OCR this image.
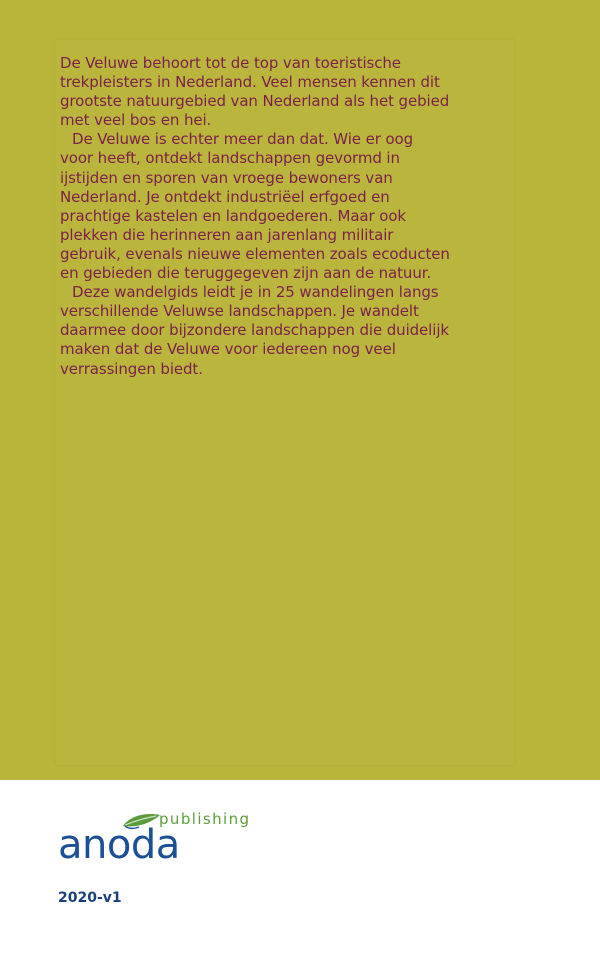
De Veluwe behoort tot de top van toeristische
trekpleisters in Nederland. Veel mensen kennen dit
grootste natuurgebied van Nederland als het gebied
met veel bos en hei.
De Veluwe is echter meer dan dat. Wie er oog
voor heeft, ontdekt landschappen gevormd in
ijstijden en sporen van vroege bewoners van
Nederland. Je ontdekt industriëel erfgoed en
prachtige kastelen en landgoederen. Maar ook
plekken die herinneren aan jarenlang militair
gebruik, evenals nieuwe elementen zoals ecoducten
en gebieden die teruggegeven zijn aan de natuur.
Deze wandelgids leidt je in 25 wandelingen langs
verschillende Veluwse landschappen. Je wandelt
daarmee door bijzondere landschappen die duidelijk
maken dat de Veluwe voor iedereen nog veel
verrassingen biedt.

publishing
anoda
2020-v1
